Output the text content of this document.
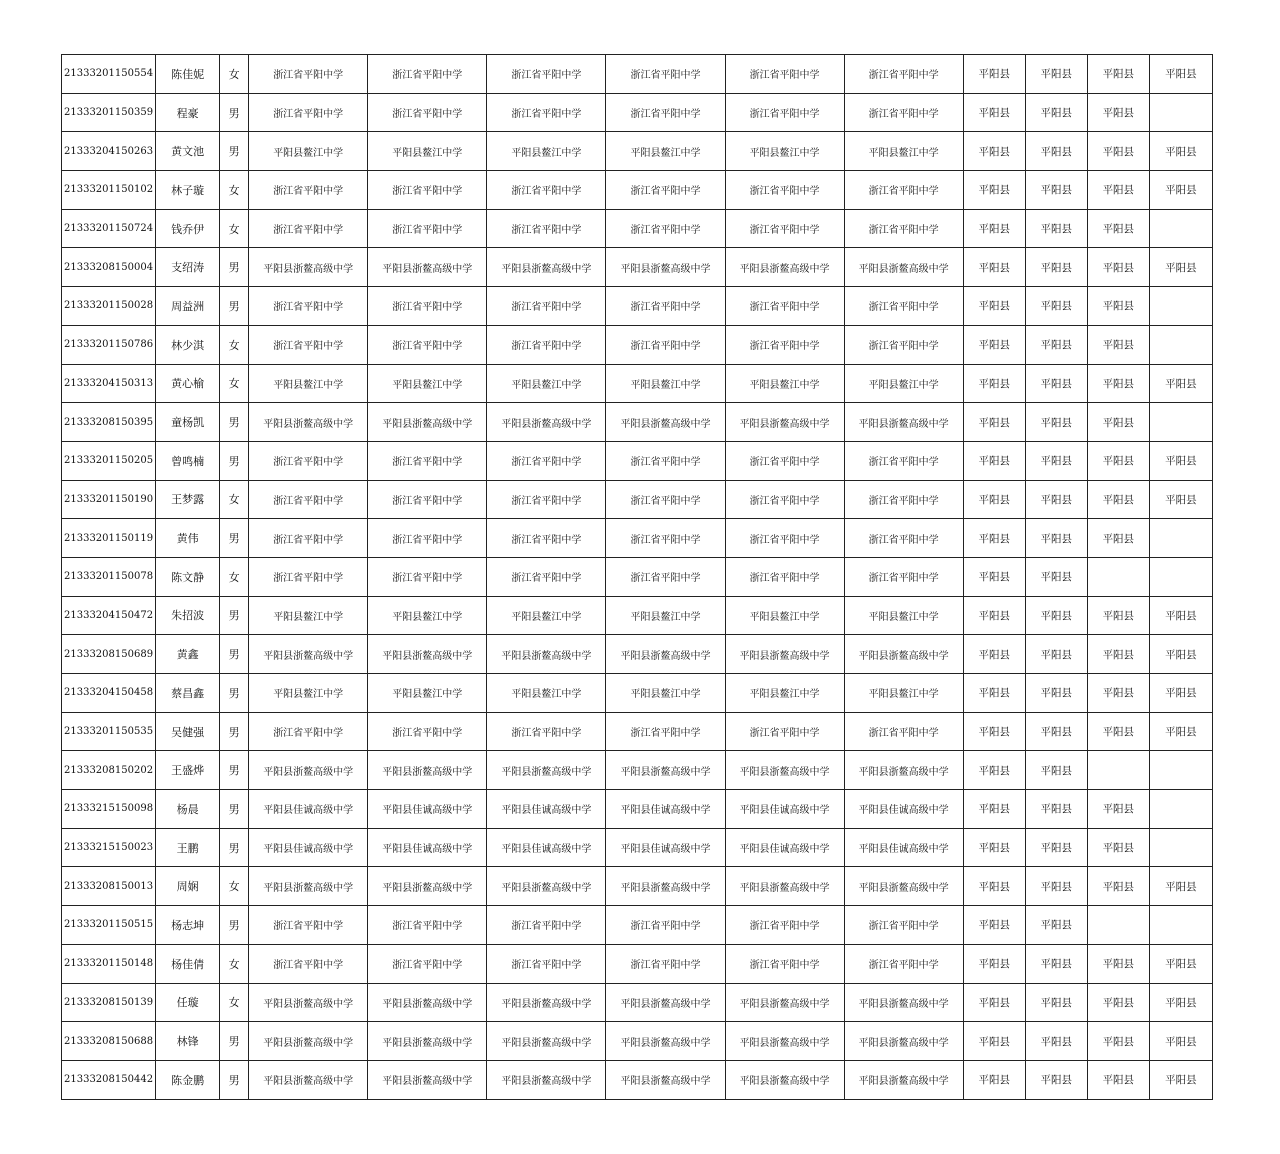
21333201150554	陈佳妮	女	浙江省平阳中学	浙江省平阳中学	浙江省平阳中学	浙江省平阳中学	浙江省平阳中学	浙江省平阳中学	平阳县	平阳县	平阳县	平阳县
21333201150359	程豪	男	浙江省平阳中学	浙江省平阳中学	浙江省平阳中学	浙江省平阳中学	浙江省平阳中学	浙江省平阳中学	平阳县	平阳县	平阳县	
21333204150263	黄文池	男	平阳县鳌江中学	平阳县鳌江中学	平阳县鳌江中学	平阳县鳌江中学	平阳县鳌江中学	平阳县鳌江中学	平阳县	平阳县	平阳县	平阳县
21333201150102	林子璇	女	浙江省平阳中学	浙江省平阳中学	浙江省平阳中学	浙江省平阳中学	浙江省平阳中学	浙江省平阳中学	平阳县	平阳县	平阳县	平阳县
21333201150724	钱乔伊	女	浙江省平阳中学	浙江省平阳中学	浙江省平阳中学	浙江省平阳中学	浙江省平阳中学	浙江省平阳中学	平阳县	平阳县	平阳县	
21333208150004	支绍涛	男	平阳县浙鳌高级中学	平阳县浙鳌高级中学	平阳县浙鳌高级中学	平阳县浙鳌高级中学	平阳县浙鳌高级中学	平阳县浙鳌高级中学	平阳县	平阳县	平阳县	平阳县
21333201150028	周益洲	男	浙江省平阳中学	浙江省平阳中学	浙江省平阳中学	浙江省平阳中学	浙江省平阳中学	浙江省平阳中学	平阳县	平阳县	平阳县	
21333201150786	林少淇	女	浙江省平阳中学	浙江省平阳中学	浙江省平阳中学	浙江省平阳中学	浙江省平阳中学	浙江省平阳中学	平阳县	平阳县	平阳县	
21333204150313	黄心榆	女	平阳县鳌江中学	平阳县鳌江中学	平阳县鳌江中学	平阳县鳌江中学	平阳县鳌江中学	平阳县鳌江中学	平阳县	平阳县	平阳县	平阳县
21333208150395	童杨凯	男	平阳县浙鳌高级中学	平阳县浙鳌高级中学	平阳县浙鳌高级中学	平阳县浙鳌高级中学	平阳县浙鳌高级中学	平阳县浙鳌高级中学	平阳县	平阳县	平阳县	
21333201150205	曾鸣楠	男	浙江省平阳中学	浙江省平阳中学	浙江省平阳中学	浙江省平阳中学	浙江省平阳中学	浙江省平阳中学	平阳县	平阳县	平阳县	平阳县
21333201150190	王梦露	女	浙江省平阳中学	浙江省平阳中学	浙江省平阳中学	浙江省平阳中学	浙江省平阳中学	浙江省平阳中学	平阳县	平阳县	平阳县	平阳县
21333201150119	黄伟	男	浙江省平阳中学	浙江省平阳中学	浙江省平阳中学	浙江省平阳中学	浙江省平阳中学	浙江省平阳中学	平阳县	平阳县	平阳县	
21333201150078	陈文静	女	浙江省平阳中学	浙江省平阳中学	浙江省平阳中学	浙江省平阳中学	浙江省平阳中学	浙江省平阳中学	平阳县	平阳县		
21333204150472	朱招波	男	平阳县鳌江中学	平阳县鳌江中学	平阳县鳌江中学	平阳县鳌江中学	平阳县鳌江中学	平阳县鳌江中学	平阳县	平阳县	平阳县	平阳县
21333208150689	黄鑫	男	平阳县浙鳌高级中学	平阳县浙鳌高级中学	平阳县浙鳌高级中学	平阳县浙鳌高级中学	平阳县浙鳌高级中学	平阳县浙鳌高级中学	平阳县	平阳县	平阳县	平阳县
21333204150458	蔡昌鑫	男	平阳县鳌江中学	平阳县鳌江中学	平阳县鳌江中学	平阳县鳌江中学	平阳县鳌江中学	平阳县鳌江中学	平阳县	平阳县	平阳县	平阳县
21333201150535	吴健强	男	浙江省平阳中学	浙江省平阳中学	浙江省平阳中学	浙江省平阳中学	浙江省平阳中学	浙江省平阳中学	平阳县	平阳县	平阳县	平阳县
21333208150202	王盛烨	男	平阳县浙鳌高级中学	平阳县浙鳌高级中学	平阳县浙鳌高级中学	平阳县浙鳌高级中学	平阳县浙鳌高级中学	平阳县浙鳌高级中学	平阳县	平阳县		
21333215150098	杨晨	男	平阳县佳诚高级中学	平阳县佳诚高级中学	平阳县佳诚高级中学	平阳县佳诚高级中学	平阳县佳诚高级中学	平阳县佳诚高级中学	平阳县	平阳县	平阳县	
21333215150023	王鹏	男	平阳县佳诚高级中学	平阳县佳诚高级中学	平阳县佳诚高级中学	平阳县佳诚高级中学	平阳县佳诚高级中学	平阳县佳诚高级中学	平阳县	平阳县	平阳县	
21333208150013	周娴	女	平阳县浙鳌高级中学	平阳县浙鳌高级中学	平阳县浙鳌高级中学	平阳县浙鳌高级中学	平阳县浙鳌高级中学	平阳县浙鳌高级中学	平阳县	平阳县	平阳县	平阳县
21333201150515	杨志坤	男	浙江省平阳中学	浙江省平阳中学	浙江省平阳中学	浙江省平阳中学	浙江省平阳中学	浙江省平阳中学	平阳县	平阳县		
21333201150148	杨佳倩	女	浙江省平阳中学	浙江省平阳中学	浙江省平阳中学	浙江省平阳中学	浙江省平阳中学	浙江省平阳中学	平阳县	平阳县	平阳县	平阳县
21333208150139	任璇	女	平阳县浙鳌高级中学	平阳县浙鳌高级中学	平阳县浙鳌高级中学	平阳县浙鳌高级中学	平阳县浙鳌高级中学	平阳县浙鳌高级中学	平阳县	平阳县	平阳县	平阳县
21333208150688	林锋	男	平阳县浙鳌高级中学	平阳县浙鳌高级中学	平阳县浙鳌高级中学	平阳县浙鳌高级中学	平阳县浙鳌高级中学	平阳县浙鳌高级中学	平阳县	平阳县	平阳县	平阳县
21333208150442	陈金鹏	男	平阳县浙鳌高级中学	平阳县浙鳌高级中学	平阳县浙鳌高级中学	平阳县浙鳌高级中学	平阳县浙鳌高级中学	平阳县浙鳌高级中学	平阳县	平阳县	平阳县	平阳县
